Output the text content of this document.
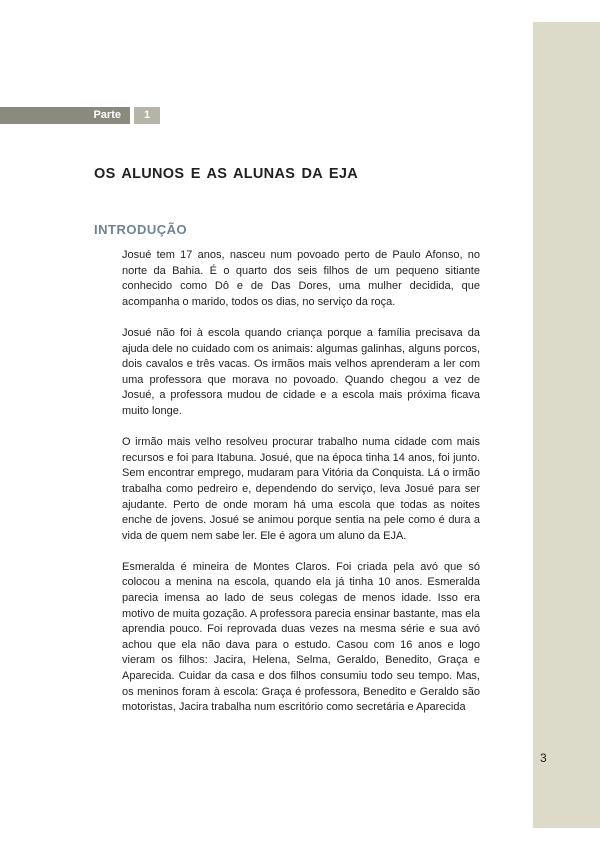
Parte	1
OS ALUNOS E AS ALUNAS DA EJA
INTRODUÇÃO

Josué tem 17 anos, nasceu num povoado perto de Paulo Afonso, no norte da Bahia. É o quarto dos seis filhos de um pequeno sitiante conhecido como Dô e de Das Dores, uma mulher decidida, que acompanha o marido, todos os dias, no serviço da roça.

Josué não foi à escola quando criança porque a família precisava da ajuda dele no cuidado com os animais: algumas galinhas, alguns porcos, dois cavalos e três vacas. Os irmãos mais velhos aprenderam a ler com uma professora que morava no povoado. Quando chegou a vez de Josué, a professora mudou de cidade e a escola mais próxima ficava muito longe.

O irmão mais velho resolveu procurar trabalho numa cidade com mais recursos e foi para Itabuna. Josué, que na época tinha 14 anos, foi junto. Sem encontrar emprego, mudaram para Vitória da Conquista. Lá o irmão trabalha como pedreiro e, dependendo do serviço, leva Josué para ser ajudante. Perto de onde moram há uma escola que todas as noites enche de jovens. Josué se animou porque sentia na pele como é dura a vida de quem nem sabe ler. Ele é agora um aluno da EJA.

Esmeralda é mineira de Montes Claros. Foi criada pela avó que só colocou a menina na escola, quando ela já tinha 10 anos. Esmeralda parecia imensa ao lado de seus colegas de menos idade. Isso era motivo de muita gozação. A professora parecia ensinar bastante, mas ela aprendia pouco. Foi reprovada duas vezes na mesma série e sua avó achou que ela não dava para o estudo. Casou com 16 anos e logo vieram os filhos: Jacira, Helena, Selma, Geraldo, Benedito, Graça e Aparecida. Cuidar da casa e dos filhos consumiu todo seu tempo. Mas, os meninos foram à escola: Graça é professora, Benedito e Geraldo são motoristas, Jacira trabalha num escritório como secretária e Aparecida

3
